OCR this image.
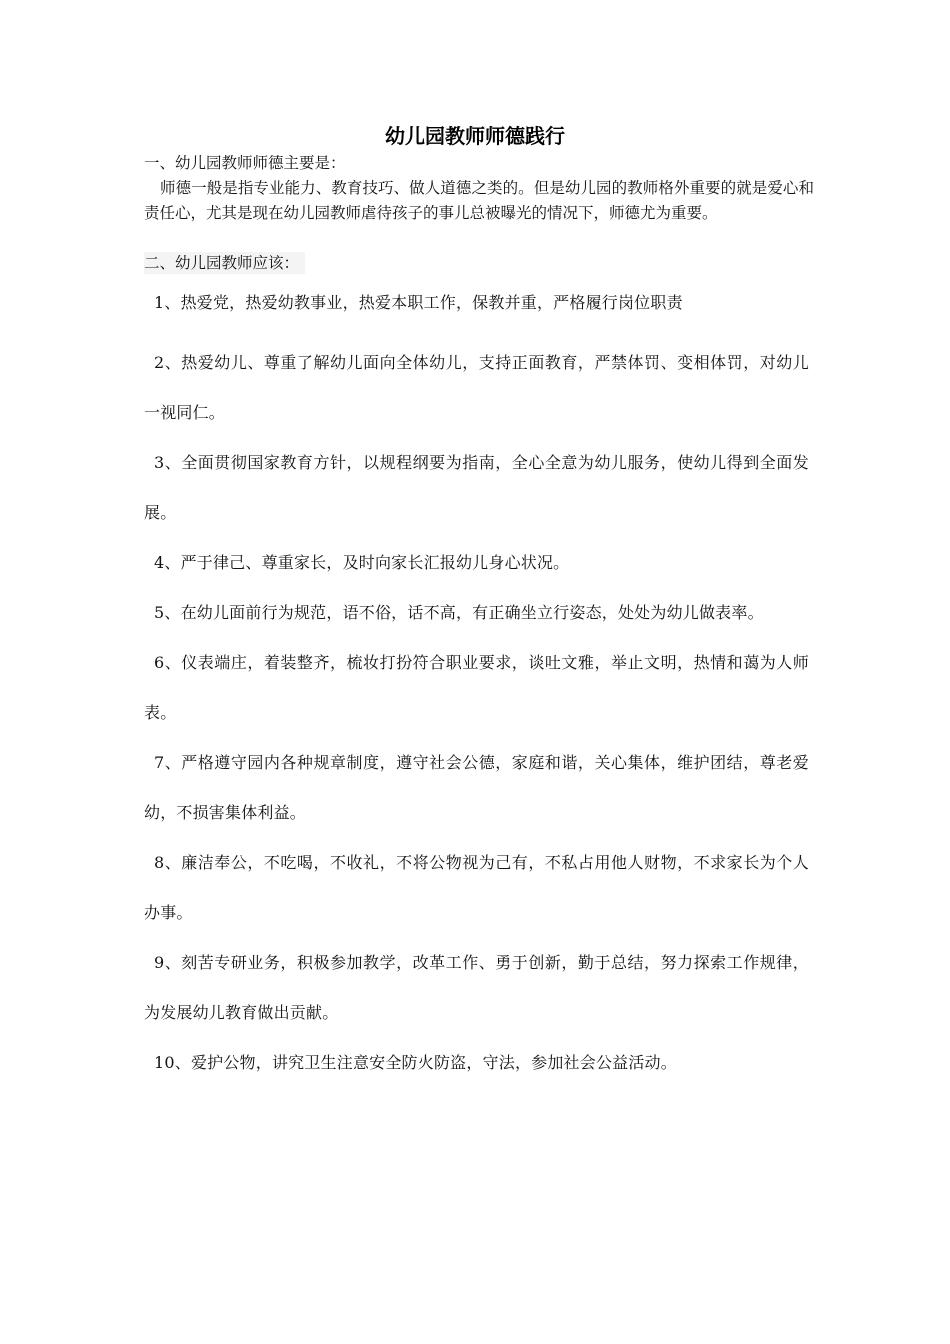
幼儿园教师师德践行
一、幼儿园教师师德主要是：
师德一般是指专业能力、教育技巧、做人道德之类的。但是幼儿园的教师格外重要的就是爱心和责任心，尤其是现在幼儿园教师虐待孩子的事儿总被曝光的情况下，师德尤为重要。
二、幼儿园教师应该：

1、热爱党，热爱幼教事业，热爱本职工作，保教并重，严格履行岗位职责

2、热爱幼儿、尊重了解幼儿面向全体幼儿，支持正面教育，严禁体罚、变相体罚，对幼儿一视同仁。

3、全面贯彻国家教育方针，以规程纲要为指南，全心全意为幼儿服务，使幼儿得到全面发展。

4、严于律己、尊重家长，及时向家长汇报幼儿身心状况。

5、在幼儿面前行为规范，语不俗，话不高，有正确坐立行姿态，处处为幼儿做表率。

6、仪表端庄，着装整齐，梳妆打扮符合职业要求，谈吐文雅，举止文明，热情和蔼为人师表。

7、严格遵守园内各种规章制度，遵守社会公德，家庭和谐，关心集体，维护团结，尊老爱幼，不损害集体利益。

8、廉洁奉公，不吃喝，不收礼，不将公物视为己有，不私占用他人财物，不求家长为个人办事。

9、刻苦专研业务，积极参加教学，改革工作、勇于创新，勤于总结，努力探索工作规律，为发展幼儿教育做出贡献。

10、爱护公物，讲究卫生注意安全防火防盗，守法，参加社会公益活动。
